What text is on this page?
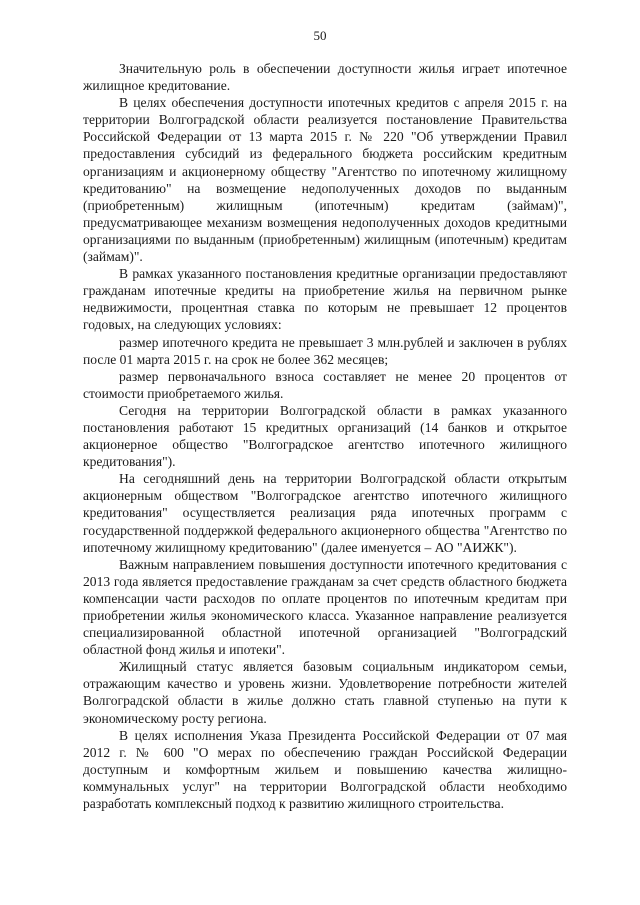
50

Значительную роль в обеспечении доступности жилья играет ипотечное жилищное кредитование.

В целях обеспечения доступности ипотечных кредитов с апреля 2015 г. на территории Волгоградской области реализуется постановление Правительства Российской Федерации от 13 марта 2015 г. № 220 "Об утверждении Правил предоставления субсидий из федерального бюджета российским кредитным организациям и акционерному обществу "Агентство по ипотечному жилищному кредитованию" на возмещение недополученных доходов по выданным (приобретенным) жилищным (ипотечным) кредитам (займам)", предусматривающее механизм возмещения недополученных доходов кредитными организациями по выданным (приобретенным) жилищным (ипотечным) кредитам (займам)".

В рамках указанного постановления кредитные организации предоставляют гражданам ипотечные кредиты на приобретение жилья на первичном рынке недвижимости, процентная ставка по которым не превышает 12 процентов годовых, на следующих условиях:

размер ипотечного кредита не превышает 3 млн.рублей и заключен в рублях после 01 марта 2015 г. на срок не более 362 месяцев;

размер первоначального взноса составляет не менее 20 процентов от стоимости приобретаемого жилья.

Сегодня на территории Волгоградской области в рамках указанного постановления работают 15 кредитных организаций (14 банков и открытое акционерное общество "Волгоградское агентство ипотечного жилищного кредитования").

На сегодняшний день на территории Волгоградской области открытым акционерным обществом "Волгоградское агентство ипотечного жилищного кредитования" осуществляется реализация ряда ипотечных программ с государственной поддержкой федерального акционерного общества "Агентство по ипотечному жилищному кредитованию" (далее именуется – АО "АИЖК").

Важным направлением повышения доступности ипотечного кредитования с 2013 года является предоставление гражданам за счет средств областного бюджета компенсации части расходов по оплате процентов по ипотечным кредитам при приобретении жилья экономического класса. Указанное направление реализуется специализированной областной ипотечной организацией "Волгоградский областной фонд жилья и ипотеки".

Жилищный статус является базовым социальным индикатором семьи, отражающим качество и уровень жизни. Удовлетворение потребности жителей Волгоградской области в жилье должно стать главной ступенью на пути к экономическому росту региона.

В целях исполнения Указа Президента Российской Федерации от 07 мая 2012 г. № 600 "О мерах по обеспечению граждан Российской Федерации доступным и комфортным жильем и повышению качества жилищно-коммунальных услуг" на территории Волгоградской области необходимо разработать комплексный подход к развитию жилищного строительства.
